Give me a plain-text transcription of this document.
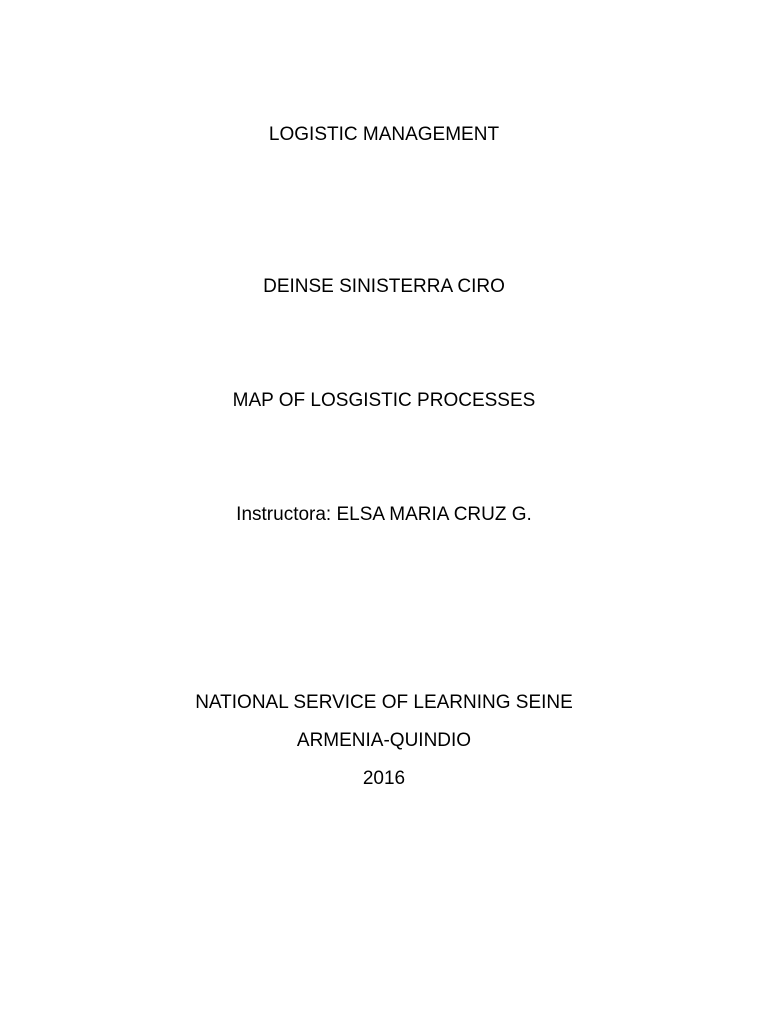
LOGISTIC MANAGEMENT
DEINSE SINISTERRA CIRO
MAP OF LOSGISTIC PROCESSES
Instructora: ELSA MARIA CRUZ G.
NATIONAL SERVICE OF LEARNING SEINE
ARMENIA-QUINDIO
2016
